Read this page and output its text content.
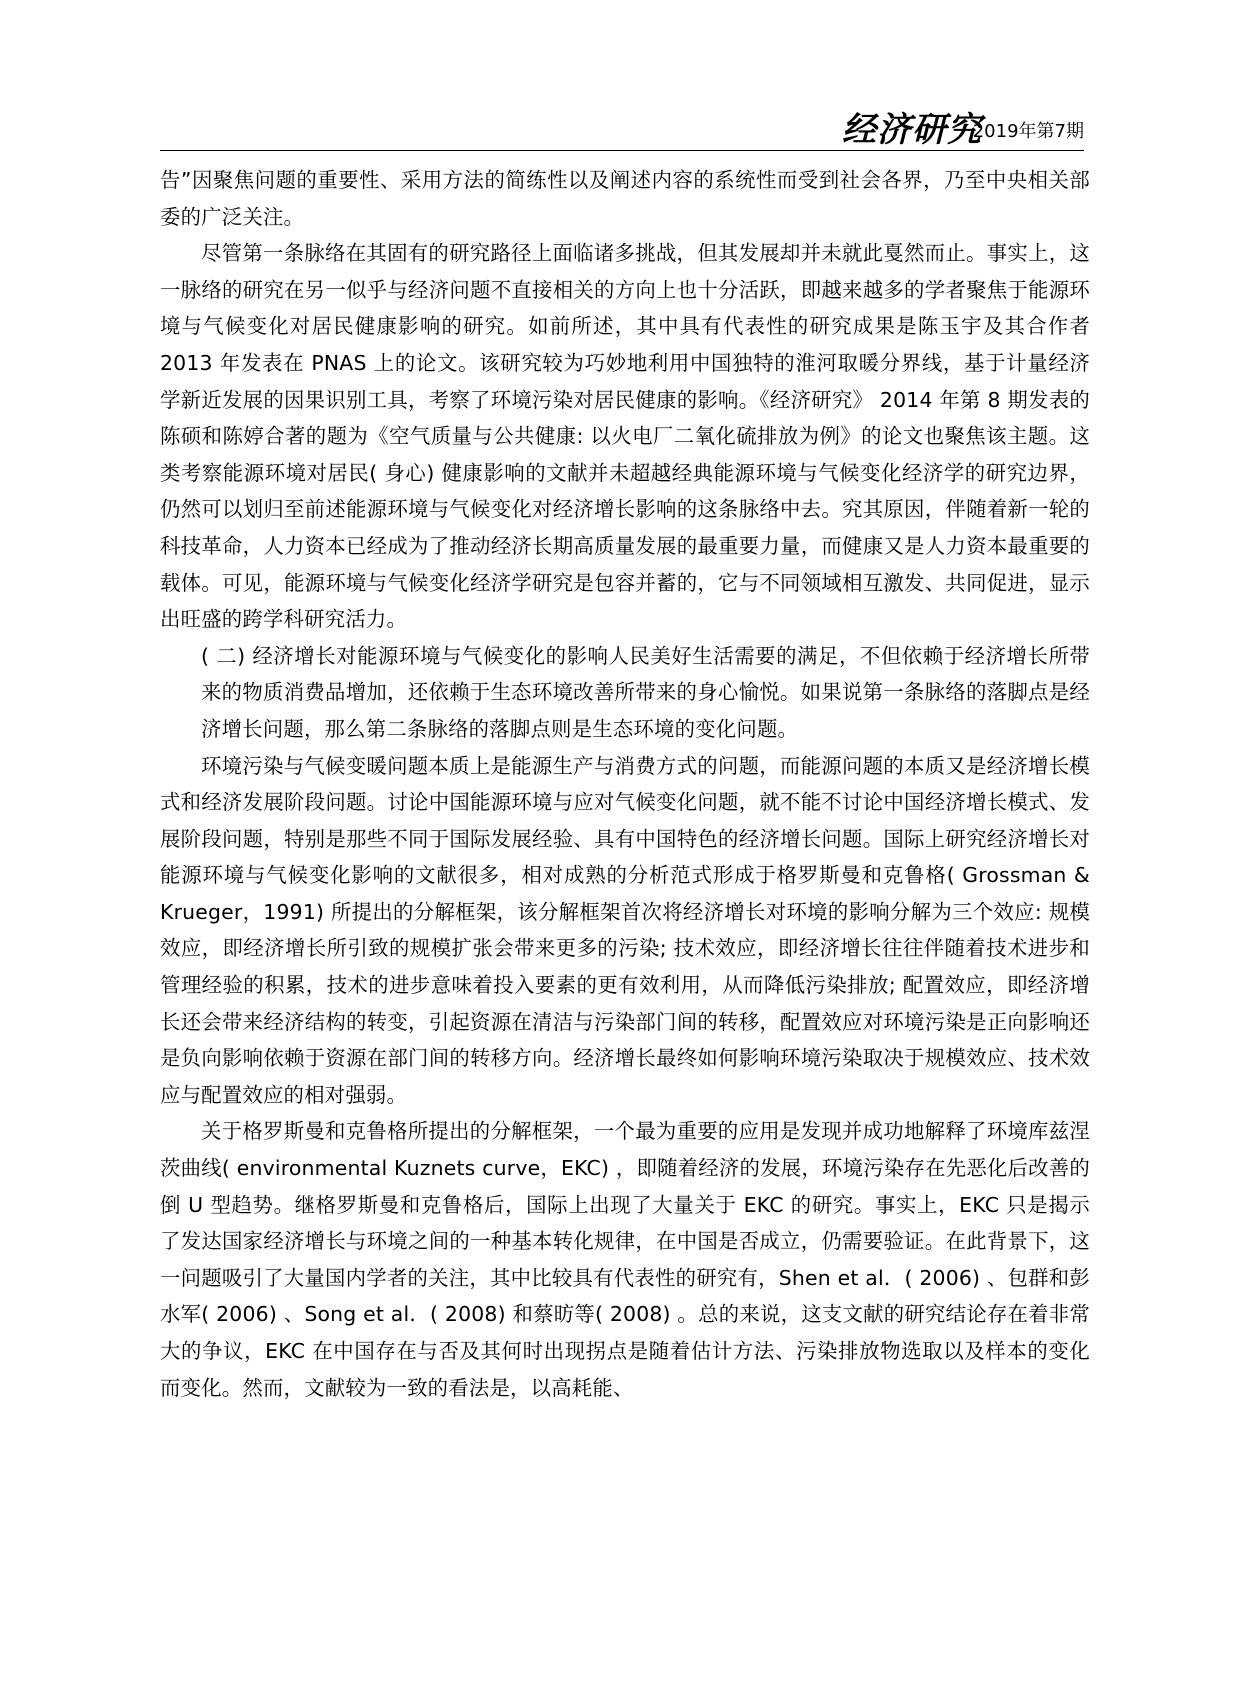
经济研究
2019年第7期

告”因聚焦问题的重要性、采用方法的简练性以及阐述内容的系统性而受到社会各界，乃至中央相关部委的广泛关注。

尽管第一条脉络在其固有的研究路径上面临诸多挑战，但其发展却并未就此戛然而止。事实上，这一脉络的研究在另一似乎与经济问题不直接相关的方向上也十分活跃，即越来越多的学者聚焦于能源环境与气候变化对居民健康影响的研究。如前所述，其中具有代表性的研究成果是陈玉宇及其合作者 2013 年发表在 PNAS 上的论文。该研究较为巧妙地利用中国独特的淮河取暖分界线，基于计量经济学新近发展的因果识别工具，考察了环境污染对居民健康的影响。《经济研究》 2014 年第 8 期发表的陈硕和陈婷合著的题为《空气质量与公共健康: 以火电厂二氧化硫排放为例》的论文也聚焦该主题。这类考察能源环境对居民( 身心) 健康影响的文献并未超越经典能源环境与气候变化经济学的研究边界，仍然可以划归至前述能源环境与气候变化对经济增长影响的这条脉络中去。究其原因，伴随着新一轮的科技革命，人力资本已经成为了推动经济长期高质量发展的最重要力量，而健康又是人力资本最重要的载体。可见，能源环境与气候变化经济学研究是包容并蓄的，它与不同领域相互激发、共同促进，显示出旺盛的跨学科研究活力。

( 二) 经济增长对能源环境与气候变化的影响人民美好生活需要的满足，不但依赖于经济增长所带来的物质消费品增加，还依赖于生态环境改善所带来的身心愉悦。如果说第一条脉络的落脚点是经济增长问题，那么第二条脉络的落脚点则是生态环境的变化问题。

环境污染与气候变暖问题本质上是能源生产与消费方式的问题，而能源问题的本质又是经济增长模式和经济发展阶段问题。讨论中国能源环境与应对气候变化问题，就不能不讨论中国经济增长模式、发展阶段问题，特别是那些不同于国际发展经验、具有中国特色的经济增长问题。国际上研究经济增长对能源环境与气候变化影响的文献很多，相对成熟的分析范式形成于格罗斯曼和克鲁格( Grossman & Krueger，1991) 所提出的分解框架，该分解框架首次将经济增长对环境的影响分解为三个效应: 规模效应，即经济增长所引致的规模扩张会带来更多的污染; 技术效应，即经济增长往往伴随着技术进步和管理经验的积累，技术的进步意味着投入要素的更有效利用，从而降低污染排放; 配置效应，即经济增长还会带来经济结构的转变，引起资源在清洁与污染部门间的转移，配置效应对环境污染是正向影响还是负向影响依赖于资源在部门间的转移方向。经济增长最终如何影响环境污染取决于规模效应、技术效应与配置效应的相对强弱。

关于格罗斯曼和克鲁格所提出的分解框架，一个最为重要的应用是发现并成功地解释了环境库兹涅茨曲线( environmental Kuznets curve，EKC) ，即随着经济的发展，环境污染存在先恶化后改善的倒 U 型趋势。继格罗斯曼和克鲁格后，国际上出现了大量关于 EKC 的研究。事实上，EKC 只是揭示了发达国家经济增长与环境之间的一种基本转化规律，在中国是否成立，仍需要验证。在此背景下，这一问题吸引了大量国内学者的关注，其中比较具有代表性的研究有，Shen et al．( 2006) 、包群和彭水军( 2006) 、Song et al．( 2008) 和蔡昉等( 2008) 。总的来说，这支文献的研究结论存在着非常大的争议，EKC 在中国存在与否及其何时出现拐点是随着估计方法、污染排放物选取以及样本的变化而变化。然而，文献较为一致的看法是，以高耗能、
